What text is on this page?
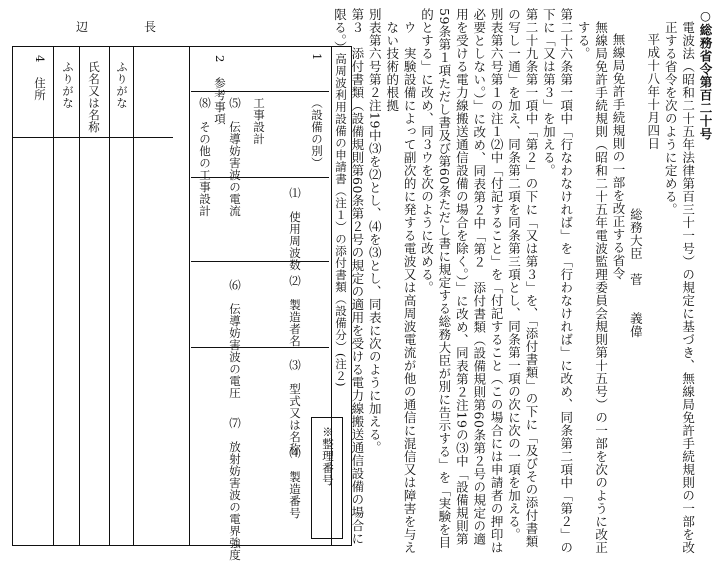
○総務省令第百二十号

電波法（昭和二十五年法律第百三十一号）の規定に基づき、無線局免許手続規則の一部を改正する省令を次のように定める。

平成十八年十月四日

総務大臣　菅　　義偉

無線局免許手続規則の一部を改正する省令

無線局免許手続規則（昭和二十五年電波監理委員会規則第十五号）の一部を次のように改正する。

第二十六条第一項中「行なわなければ」を「行わなければ」に改め、同条第二項中「第２」の下に「又は第３」を加える。

第二十九条第一項中「第２」の下に「又は第３」を、「添付書類」の下に「及びその添付書類の写し一通」を加え、同条第二項を同条第三項とし、同条第一項の次に次の一項を加える。

別表第六号第１の注１⑵中「付記すること」を「付記すること（この場合には申請者の押印は必要としない。）」に改め、同表第２中「第２　添付書類（設備規則第60条第２号の規定の適用を受ける電力線搬送通信設備の場合を除く。）」に改め、同表第２注19の⑶中「設備規則第59条第１項ただし書及び第60条ただし書に規定する総務大臣が別に告示する」を「実験を目的とする」に改め、同３ウを次のように改める。

ウ　実験設備によって副次的に発する電波又は高周波電流が他の通信に混信又は障害を与えない技術的根拠

別表第六号第２注19中⑶を⑵とし、⑷を⑶とし、同表に次のように加える。

第３　添付書類（設備規則第60条第２号の規定の適用を受ける電力線搬送通信設備の場合に限る。）

辺	長
高周波利用設備の申請書（注１）の添付書類（設備分）(注２)
1
（設備の別）
⑴　使用周波数
⑵　製造者名
⑶　型式又は名称
⑷　製造番号
工事設計
⑸　伝導妨害波の電流
⑹　伝導妨害波の電圧
⑺　放射妨害波の電界強度
⑻　その他の工事設計
2
参考事項
ふりがな
氏名又は名称
ふりがな
4
住所
※整理番号
